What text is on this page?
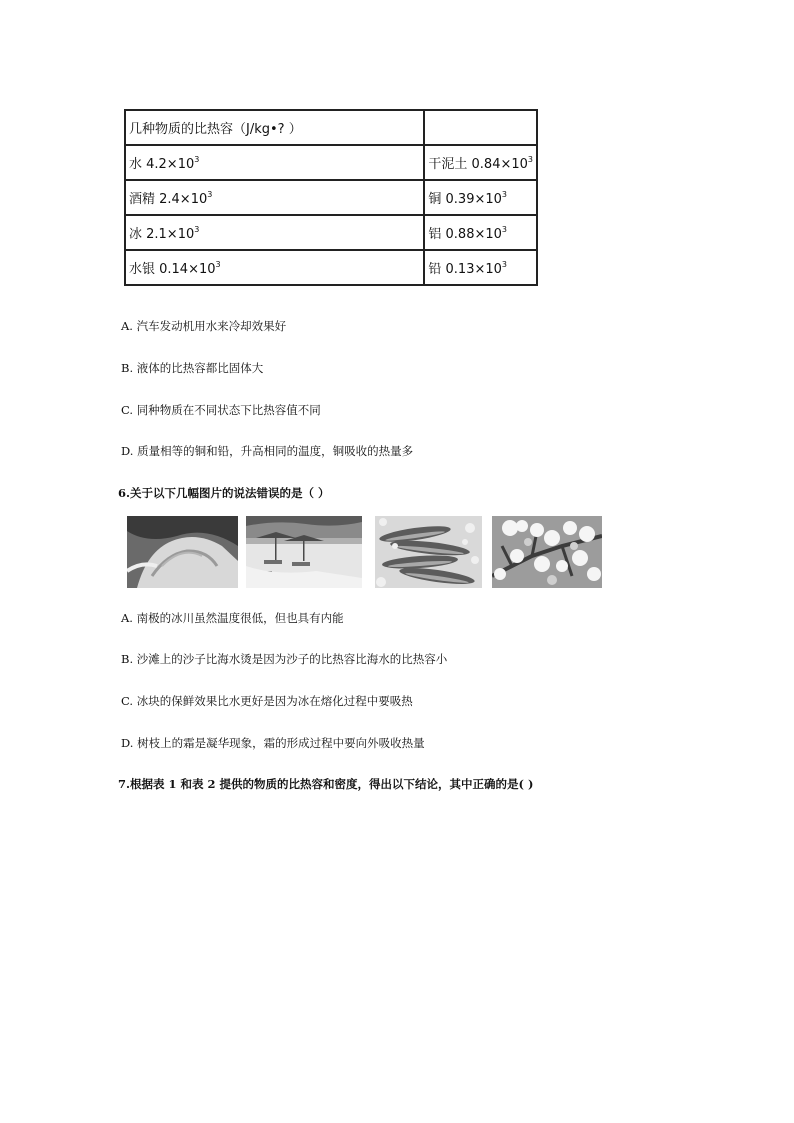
几种物质的比热容（J/kg•? ）	
水 $4.2\times 10^3$	干泥土 $0.84\times 10^3$
酒精 $2.4\times 10^3$	铜 $0.39\times 10^3$
冰 $2.1\times 10^3$	铝 $0.88\times 10^3$
水银 $0.14\times 10^3$	铅 $0.13\times 10^3$
A. 汽车发动机用水来冷却效果好
B. 液体的比热容都比固体大
C. 同种物质在不同状态下比热容值不同
D. 质量相等的铜和铅，升高相同的温度，铜吸收的热量多
6.关于以下几幅图片的说法错误的是（ ）
A. 南极的冰川虽然温度很低，但也具有内能
B. 沙滩上的沙子比海水烫是因为沙子的比热容比海水的比热容小
C. 冰块的保鲜效果比水更好是因为冰在熔化过程中要吸热
D. 树枝上的霜是凝华现象，霜的形成过程中要向外吸收热量
7.根据表 1 和表 2 提供的物质的比热容和密度，得出以下结论，其中正确的是( )
